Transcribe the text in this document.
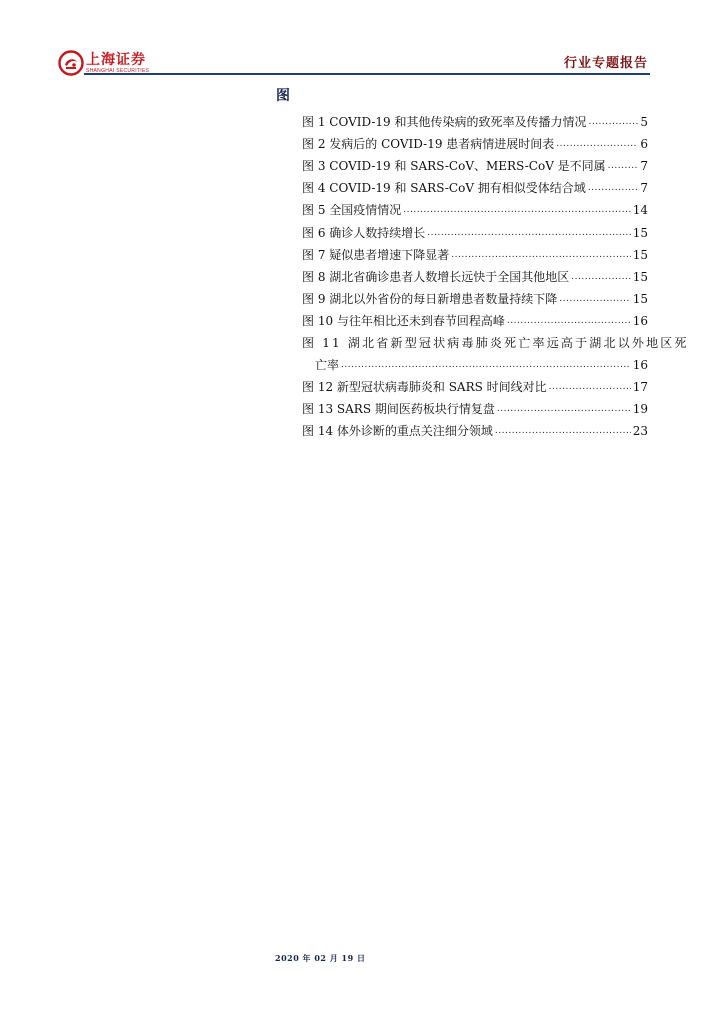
上海证券
SHANGHAI SECURITIES	行业专题报告
图
图 1 COVID-19 和其他传染病的致死率及传播力情况 .....	5
图 2 发病后的 COVID-19 患者病情进展时间表 .....	6
图 3 COVID-19 和 SARS-CoV、MERS-CoV 是不同属 .....	7
图 4 COVID-19 和 SARS-CoV 拥有相似受体结合域 .....	7
图 5 全国疫情情况 .....	14
图 6 确诊人数持续增长 .....	15
图 7 疑似患者增速下降显著 .....	15
图 8 湖北省确诊患者人数增长远快于全国其他地区 .....	15
图 9 湖北以外省份的每日新增患者数量持续下降 .....	15
图 10 与往年相比还未到春节回程高峰 .....	16
图 11 湖北省新型冠状病毒肺炎死亡率远高于湖北以外地区死
亡率 .....	16
图 12 新型冠状病毒肺炎和 SARS 时间线对比 .....	17
图 13 SARS 期间医药板块行情复盘 .....	19
图 14 体外诊断的重点关注细分领域 .....	23
2020 年 02 月 19 日
